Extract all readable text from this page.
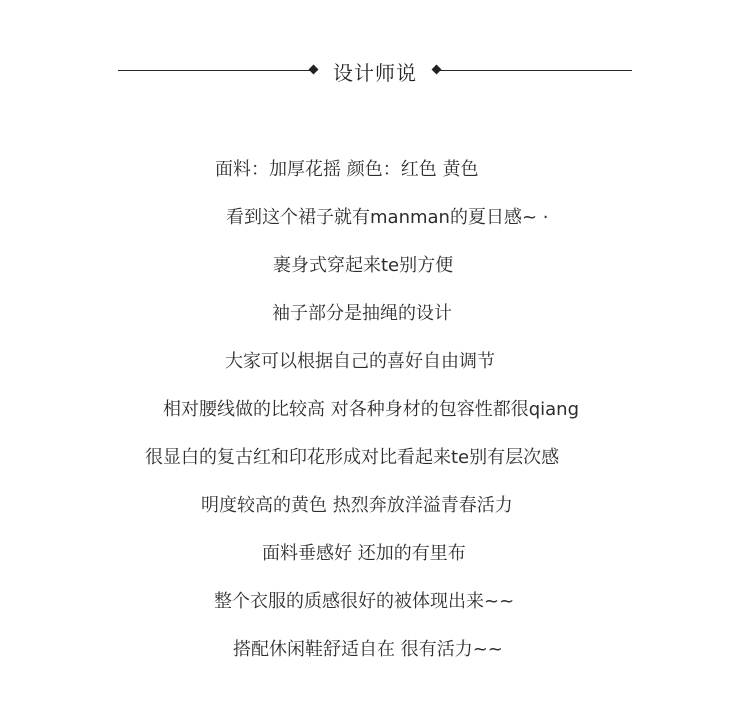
设计师说
面料：加厚花摇 颜色：红色 黄色
看到这个裙子就有manman的夏日感~ ·
裹身式穿起来te别方便
袖子部分是抽绳的设计
大家可以根据自己的喜好自由调节
相对腰线做的比较高 对各种身材的包容性都很qiang
很显白的复古红和印花形成对比看起来te别有层次感
明度较高的黄色 热烈奔放洋溢青春活力
面料垂感好 还加的有里布
整个衣服的质感很好的被体现出来~~
搭配休闲鞋舒适自在 很有活力~~
